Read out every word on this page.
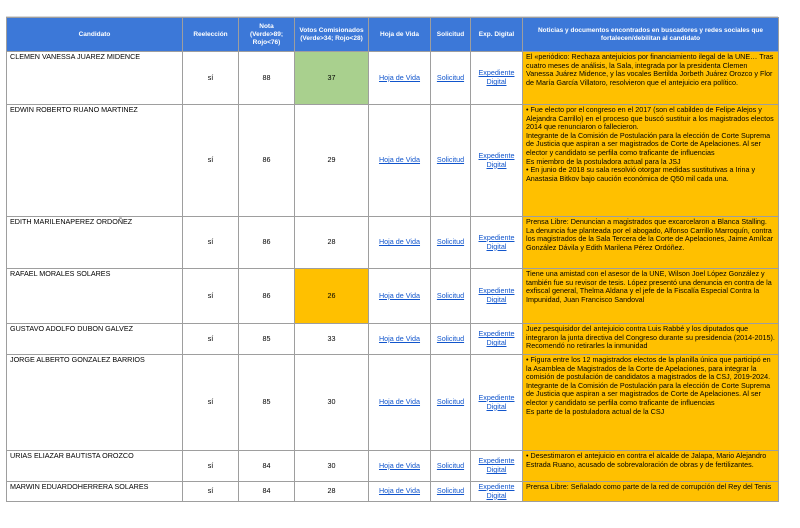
Candidato	Reelección	Nota (Verde>89; Rojo<76)	Votos Comisionados (Verde>34; Rojo<28)	Hoja de Vida	Solicitud	Exp. Digital	Noticias y documentos encontrados en buscadores y redes sociales que fortalecen/debilitan al candidato
CLEMEN VANESSA JUAREZ MIDENCE	sí	88	37	Hoja de Vida	Solicitud	Expediente Digital	El «periódico: Rechaza antejuicios por financiamiento ilegal de la UNE… Tras cuatro meses de análisis, la Sala, integrada por la presidenta Clemen Vanessa Juárez Midence, y las vocales Bertilda Jorbeth Juárez Orozco y Flor de María García Villatoro, resolvieron que el antejuicio era político.

EDWIN ROBERTO RUANO MARTINEZ	sí	86	29	Hoja de Vida	Solicitud	Expediente Digital	• Fue electo por el congreso en el 2017 (son el cabildeo de Felipe Alejos y Alejandra Carrillo) en el proceso que buscó sustituir a los magistrados electos 2014 que renunciaron o fallecieron.

Integrante de la Comisión de Postulación para la elección de Corte Suprema de Justicia que aspiran a ser magistrados de Corte de Apelaciones. Al ser elector y candidato se perfila como traficante de influencias

Es miembro de la postuladora actual para la JSJ

• En junio de 2018 su sala resolvió otorgar medidas sustitutivas a Irina y Anastasia Bitkov bajo caución económica de Q50 mil cada una.

EDITH MARILENAPEREZ ORDOÑEZ	sí	86	28	Hoja de Vida	Solicitud	Expediente Digital	Prensa Libre: Denuncian a magistrados que excarcelaron a Blanca Stalling. La denuncia fue planteada por el abogado, Alfonso Carrillo Marroquín, contra los magistrados de la Sala Tercera de la Corte de Apelaciones, Jaime Amílcar González Dávila y Edith Marilena Pérez Ordóñez.

RAFAEL MORALES SOLARES	sí	86	26	Hoja de Vida	Solicitud	Expediente Digital	Tiene una amistad con el asesor de la UNE, Wilson Joel López González y también fue su revisor de tesis. López presentó una denuncia en contra de la exfiscal general, Thelma Aldana y el jefe de la Fiscalía Especial Contra la Impunidad, Juan Francisco Sandoval

GUSTAVO ADOLFO DUBON GALVEZ	sí	85	33	Hoja de Vida	Solicitud	Expediente Digital	Juez pesquisidor del antejuicio contra Luis Rabbé y los diputados que integraron la junta directiva del Congreso durante su presidencia (2014-2015). Recomendó no retirarles la inmunidad

JORGE ALBERTO GONZALEZ BARRIOS	sí	85	30	Hoja de Vida	Solicitud	Expediente Digital	• Figura entre los 12 magistrados electos de la planilla única que participó en la Asamblea de Magistrados de la Corte de Apelaciones, para integrar la comisión de postulación de candidatos a magistrados de la CSJ, 2019-2024.

Integrante de la Comisión de Postulación para la elección de Corte Suprema de Justicia que aspiran a ser magistrados de Corte de Apelaciones. Al ser elector y candidato se perfila como traficante de influencias

Es parte de la postuladora actual de la CSJ

URIAS ELIAZAR BAUTISTA OROZCO	sí	84	30	Hoja de Vida	Solicitud	Expediente Digital	• Desestimaron el antejuicio en contra el alcalde de Jalapa, Mario Alejandro Estrada Ruano, acusado de sobrevaloración de obras y de fertilizantes.

MARWIN EDUARDOHERRERA SOLARES	sí	84	28	Hoja de Vida	Solicitud	Expediente Digital	Prensa Libre: Señalado como parte de la red de corrupción del Rey del Tenis
